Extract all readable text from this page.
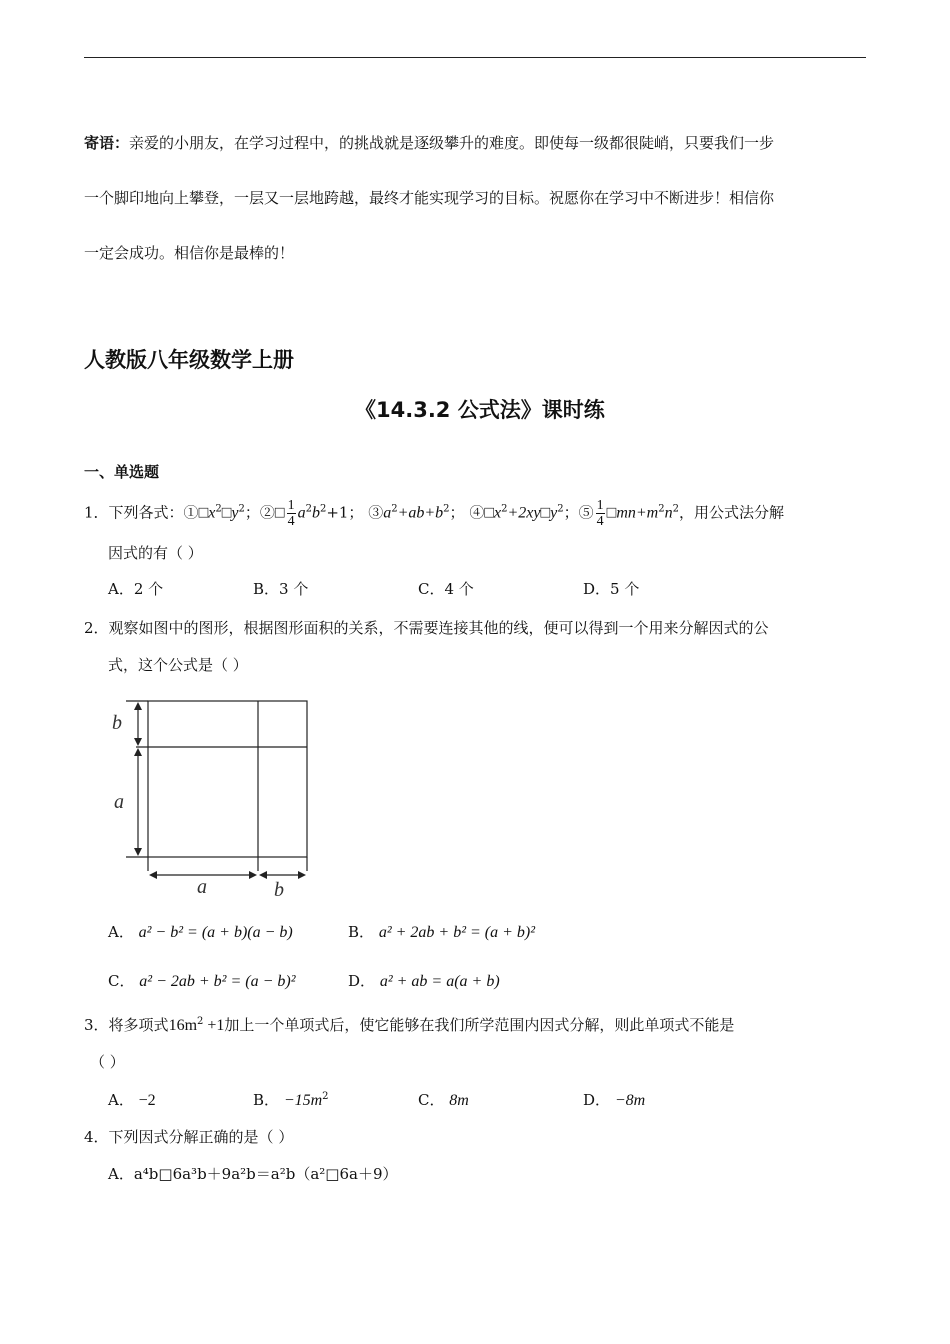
寄语：亲爱的小朋友，在学习过程中，的挑战就是逐级攀升的难度。即使每一级都很陡峭，只要我们一步
一个脚印地向上攀登，一层又一层地跨越，最终才能实现学习的目标。祝愿你在学习中不断进步！相信你
一定会成功。相信你是最棒的！
人教版八年级数学上册
《14.3.2 公式法》课时练
一、单选题
1．下列各式：$①□x^2□y^2$；②□ $\frac{1}{4} a^2b^2+1$； $③a^2+ab+b^2$； $④□x^2+2xy□y^2$；⑤ $\frac{1}{4}$ $□mn+m^2n^2$，用公式法分解
因式的有（ ）
A．2 个	B．3 个	C．4 个	D．5 个
2．观察如图中的图形，根据图形面积的关系，不需要连接其他的线，便可以得到一个用来分解因式的公
式，这个公式是（ ）
b
a
a	b
A． a² − b² = (a + b)(a − b)	B． a² + 2ab + b² = (a + b)²
C． a² − 2ab + b² = (a − b)²	D． a² + ab = a(a + b)
3．将多项式$16m^2 +1$加上一个单项式后，使它能够在我们所学范围内因式分解，则此单项式不能是
（ ）
A． −2	B． $-15m^2$	C． 8m	D． −8m
4．下列因式分解正确的是（ ）
A．a⁴b□6a³b＋9a²b＝a²b（a²□6a＋9）
